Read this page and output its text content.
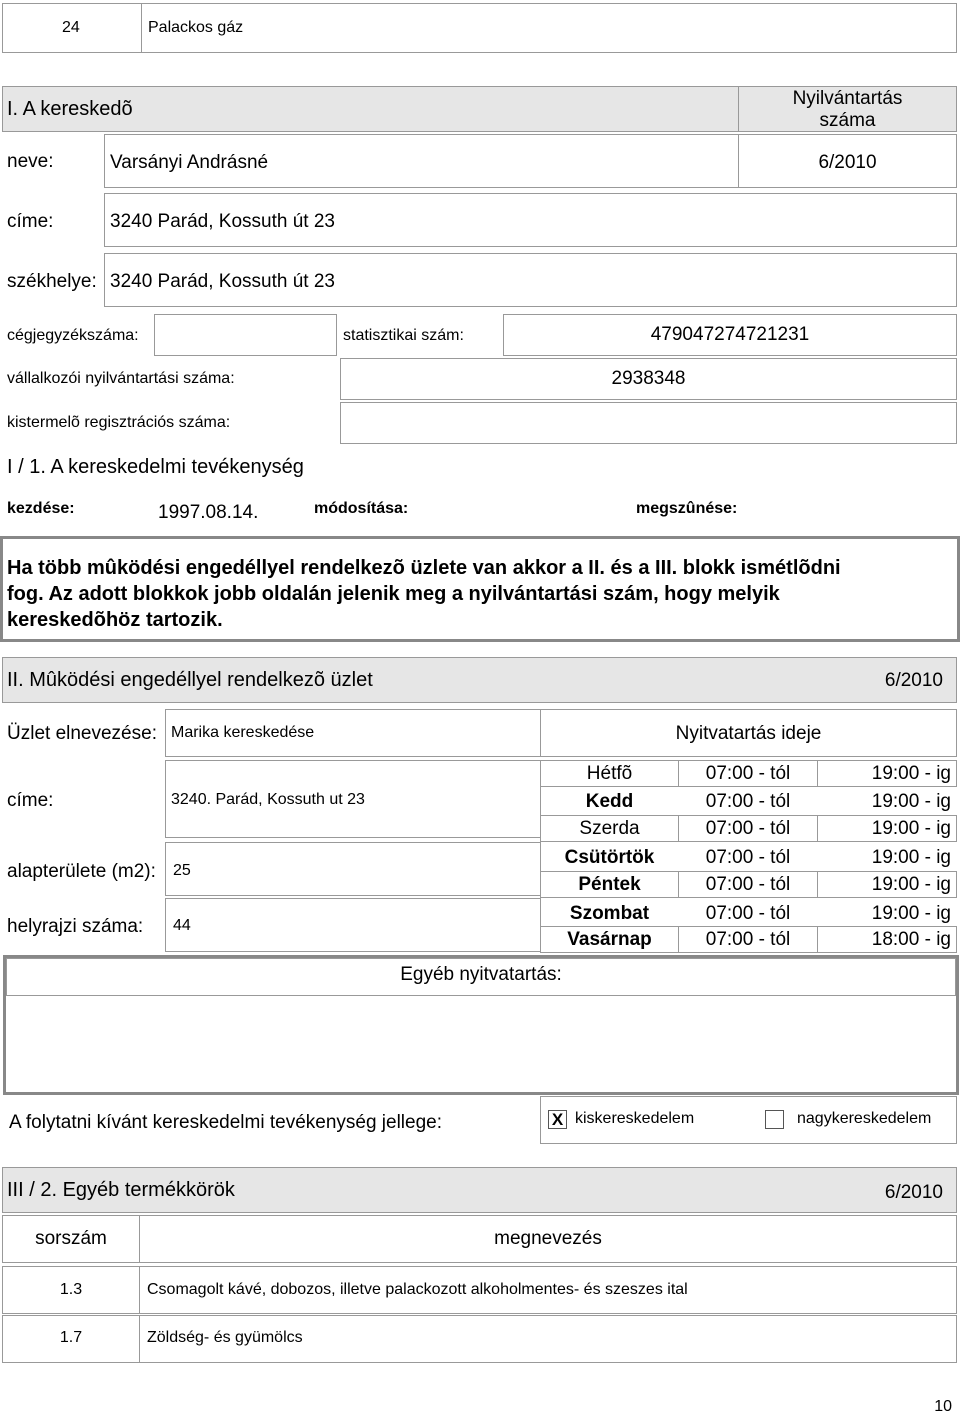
24	Palackos gáz
I. A kereskedõ	Nyilvántartás
száma
neve:	Varsányi Andrásné	6/2010
címe:	3240 Parád, Kossuth út 23
székhelye: 3240 Parád, Kossuth út 23
cégjegyzékszáma:	statisztikai szám:	479047274721231
vállalkozói nyilvántartási száma:	2938348
kistermelõ regisztrációs száma:
I / 1. A kereskedelmi tevékenység
kezdése:	1997.08.14.	módosítása:	megszûnése:
Ha több mûködési engedéllyel rendelkezõ üzlete van akkor a II. és a III. blokk ismétlõdni
fog. Az adott blokkok jobb oldalán jelenik meg a nyilvántartási szám, hogy melyik
kereskedõhöz tartozik.
II. Mûködési engedéllyel rendelkezõ üzlet	6/2010
Üzlet elnevezése: Marika kereskedése	Nyitvatartás ideje
címe:	3240. Parád, Kossuth ut 23
alapterülete (m2): 25
helyrajzi száma: 44
Hétfõ	07:00 - tól	19:00 - ig
Kedd	07:00 - tól	19:00 - ig
Szerda	07:00 - tól	19:00 - ig
Csütörtök	07:00 - tól	19:00 - ig
Péntek	07:00 - tól	19:00 - ig
Szombat	07:00 - tól	19:00 - ig
Vasárnap	07:00 - tól	18:00 - ig
Egyéb nyitvatartás:
A folytatni kívánt kereskedelmi tevékenység jellege:	X kiskereskedelem	nagykereskedelem
III / 2. Egyéb termékkörök	6/2010
sorszám	megnevezés
1.3	Csomagolt kávé, dobozos, illetve palackozott alkoholmentes- és szeszes ital
1.7	Zöldség- és gyümölcs
10
